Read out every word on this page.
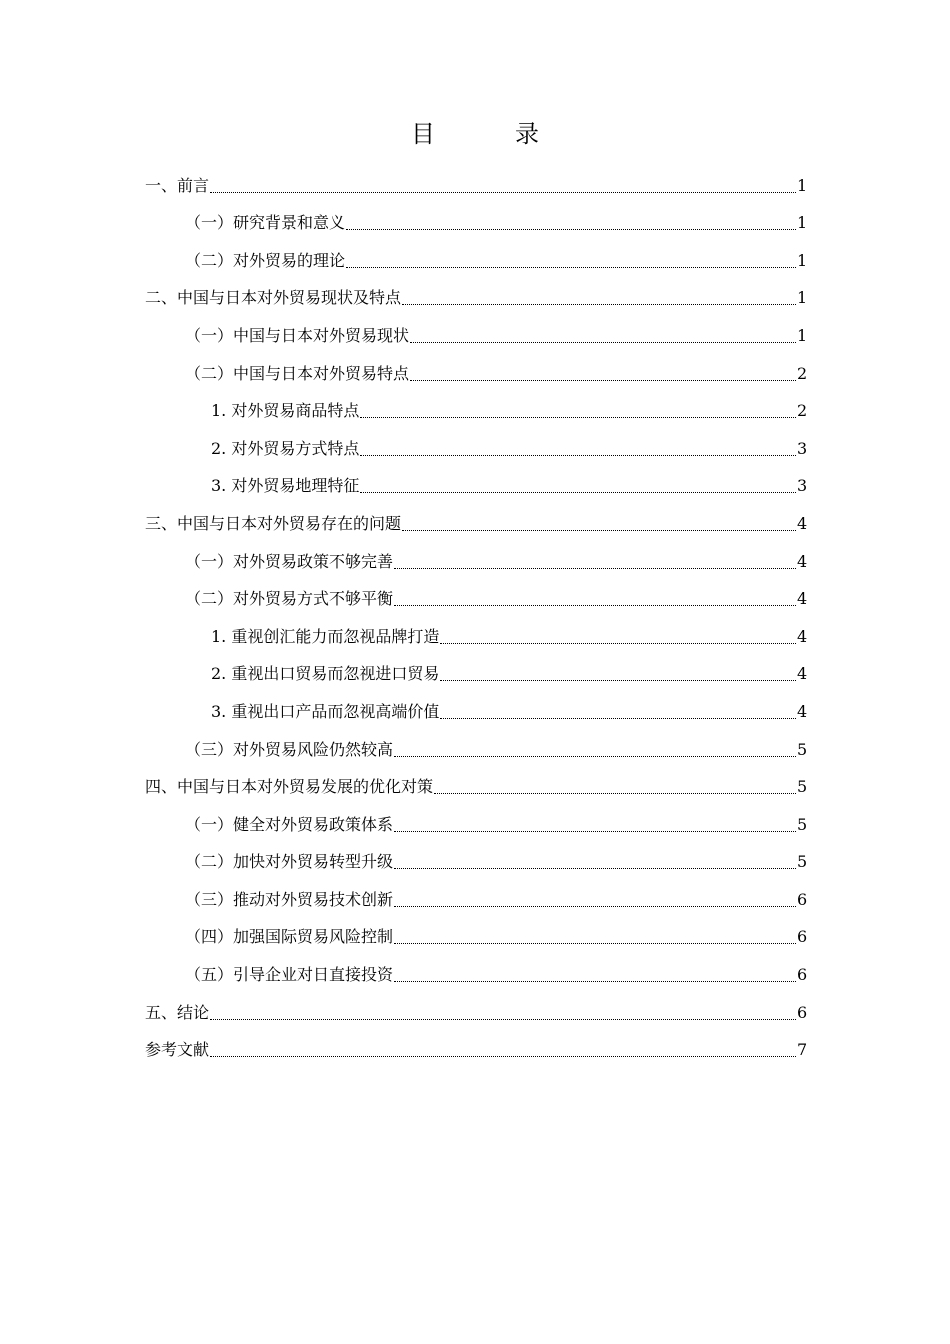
目　录
一、前言	1
（一）研究背景和意义	1
（二）对外贸易的理论	1
二、中国与日本对外贸易现状及特点	1
（一）中国与日本对外贸易现状	1
（二）中国与日本对外贸易特点	2
1. 对外贸易商品特点	2
2. 对外贸易方式特点	3
3. 对外贸易地理特征	3
三、中国与日本对外贸易存在的问题	4
（一）对外贸易政策不够完善	4
（二）对外贸易方式不够平衡	4
1. 重视创汇能力而忽视品牌打造	4
2. 重视出口贸易而忽视进口贸易	4
3. 重视出口产品而忽视高端价值	4
（三）对外贸易风险仍然较高	5
四、中国与日本对外贸易发展的优化对策	5
（一）健全对外贸易政策体系	5
（二）加快对外贸易转型升级	5
（三）推动对外贸易技术创新	6
（四）加强国际贸易风险控制	6
（五）引导企业对日直接投资	6
五、结论	6
参考文献	7
